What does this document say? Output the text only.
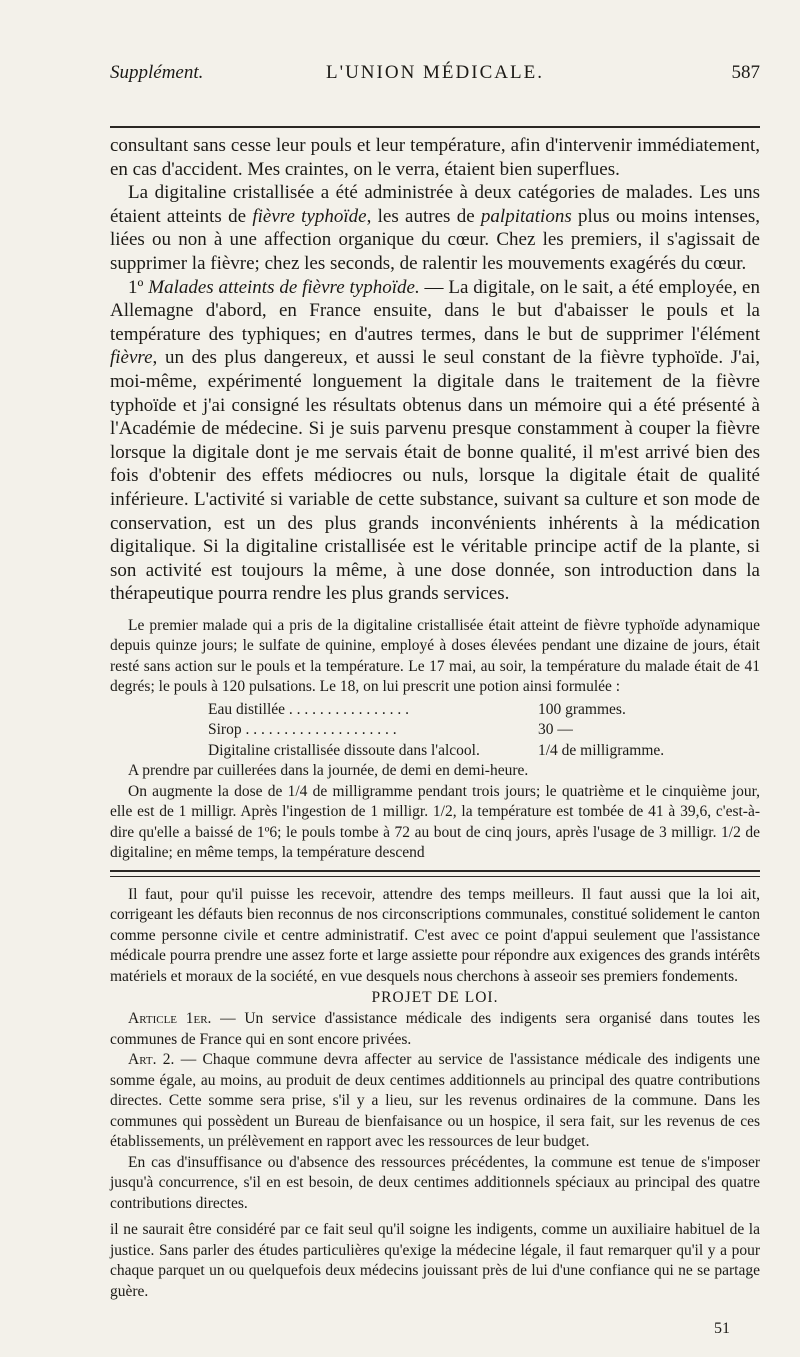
Supplément.	L'UNION MÉDICALE.	587

consultant sans cesse leur pouls et leur température, afin d'intervenir immédiatement, en cas d'accident. Mes craintes, on le verra, étaient bien superflues.

La digitaline cristallisée a été administrée à deux catégories de malades. Les uns étaient atteints de fièvre typhoïde, les autres de palpitations plus ou moins intenses, liées ou non à une affection organique du cœur. Chez les premiers, il s'agissait de supprimer la fièvre; chez les seconds, de ralentir les mouvements exagérés du cœur.

1º Malades atteints de fièvre typhoïde. — La digitale, on le sait, a été employée, en Allemagne d'abord, en France ensuite, dans le but d'abaisser le pouls et la température des typhiques; en d'autres termes, dans le but de supprimer l'élément fièvre, un des plus dangereux, et aussi le seul constant de la fièvre typhoïde. J'ai, moi-même, expérimenté longuement la digitale dans le traitement de la fièvre typhoïde et j'ai consigné les résultats obtenus dans un mémoire qui a été présenté à l'Académie de médecine. Si je suis parvenu presque constamment à couper la fièvre lorsque la digitale dont je me servais était de bonne qualité, il m'est arrivé bien des fois d'obtenir des effets médiocres ou nuls, lorsque la digitale était de qualité inférieure. L'activité si variable de cette substance, suivant sa culture et son mode de conservation, est un des plus grands inconvénients inhérents à la médication digitalique. Si la digitaline cristallisée est le véritable principe actif de la plante, si son activité est toujours la même, à une dose donnée, son introduction dans la thérapeutique pourra rendre les plus grands services.

Le premier malade qui a pris de la digitaline cristallisée était atteint de fièvre typhoïde adynamique depuis quinze jours; le sulfate de quinine, employé à doses élevées pendant une dizaine de jours, était resté sans action sur le pouls et la température. Le 17 mai, au soir, la température du malade était de 41 degrés; le pouls à 120 pulsations. Le 18, on lui prescrit une potion ainsi formulée :

Eau distillée . . . . . . . . . . . . . . . .	100 grammes.
Sirop . . . . . . . . . . . . . . . . . . . .	30 —
Digitaline cristallisée dissoute dans l'alcool.	1/4 de milligramme.

A prendre par cuillerées dans la journée, de demi en demi-heure.

On augmente la dose de 1/4 de milligramme pendant trois jours; le quatrième et le cinquième jour, elle est de 1 milligr. Après l'ingestion de 1 milligr. 1/2, la température est tombée de 41 à 39,6, c'est-à-dire qu'elle a baissé de 1º6; le pouls tombe à 72 au bout de cinq jours, après l'usage de 3 milligr. 1/2 de digitaline; en même temps, la température descend

Il faut, pour qu'il puisse les recevoir, attendre des temps meilleurs. Il faut aussi que la loi ait, corrigeant les défauts bien reconnus de nos circonscriptions communales, constitué solidement le canton comme personne civile et centre administratif. C'est avec ce point d'appui seulement que l'assistance médicale pourra prendre une assez forte et large assiette pour répondre aux exigences des grands intérêts matériels et moraux de la société, en vue desquels nous cherchons à asseoir ses premiers fondements.

PROJET DE LOI.

Article 1er. — Un service d'assistance médicale des indigents sera organisé dans toutes les communes de France qui en sont encore privées.

Art. 2. — Chaque commune devra affecter au service de l'assistance médicale des indigents une somme égale, au moins, au produit de deux centimes additionnels au principal des quatre contributions directes. Cette somme sera prise, s'il y a lieu, sur les revenus ordinaires de la commune. Dans les communes qui possèdent un Bureau de bienfaisance ou un hospice, il sera fait, sur les revenus de ces établissements, un prélèvement en rapport avec les ressources de leur budget.

En cas d'insuffisance ou d'absence des ressources précédentes, la commune est tenue de s'imposer jusqu'à concurrence, s'il en est besoin, de deux centimes additionnels spéciaux au principal des quatre contributions directes.

il ne saurait être considéré par ce fait seul qu'il soigne les indigents, comme un auxiliaire habituel de la justice. Sans parler des études particulières qu'exige la médecine légale, il faut remarquer qu'il y a pour chaque parquet un ou quelquefois deux médecins jouissant près de lui d'une confiance qui ne se partage guère.

51
